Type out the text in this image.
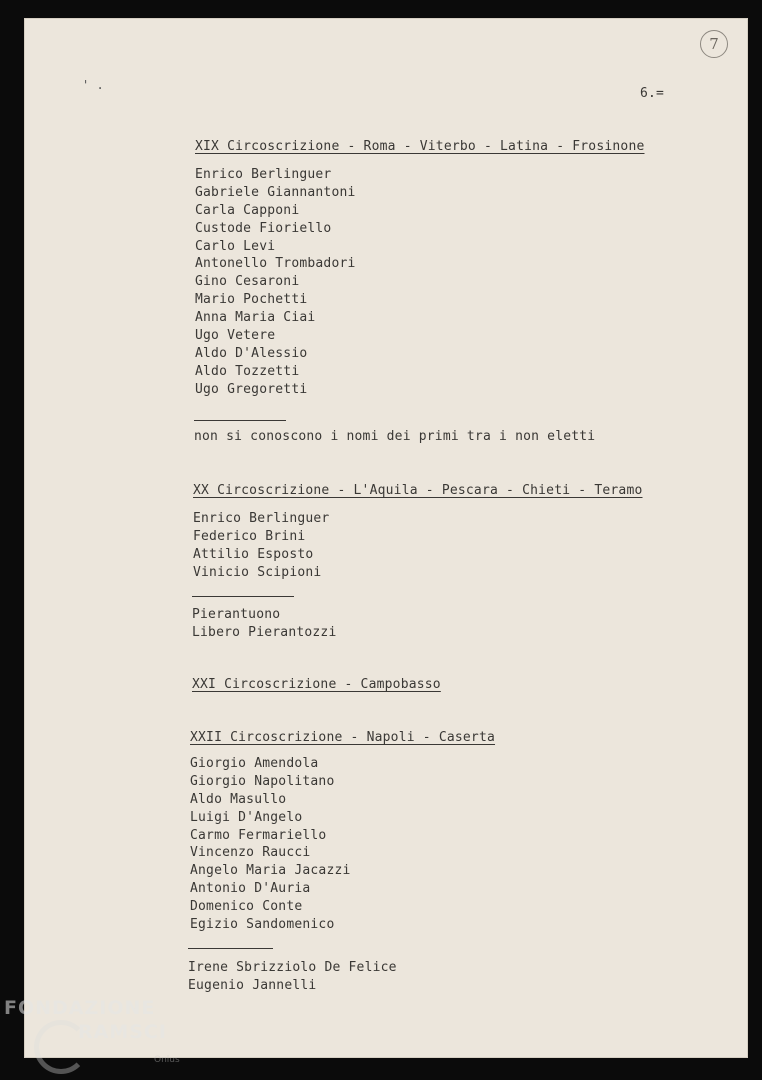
' .
7
6.=
XIX Circoscrizione - Roma - Viterbo - Latina - Frosinone
Enrico Berlinguer
Gabriele Giannantoni
Carla Capponi
Custode Fioriello
Carlo Levi
Antonello Trombadori
Gino Cesaroni
Mario Pochetti
Anna Maria Ciai
Ugo Vetere
Aldo D'Alessio
Aldo Tozzetti
Ugo Gregoretti
non si conoscono i nomi dei primi tra i non eletti
XX Circoscrizione - L'Aquila - Pescara - Chieti - Teramo
Enrico Berlinguer
Federico Brini
Attilio Esposto
Vinicio Scipioni
Pierantuono
Libero Pierantozzi
XXI Circoscrizione - Campobasso
XXII Circoscrizione - Napoli - Caserta
Giorgio Amendola
Giorgio Napolitano
Aldo Masullo
Luigi D'Angelo
Carmo Fermariello
Vincenzo Raucci
Angelo Maria Jacazzi
Antonio D'Auria
Domenico Conte
Egizio Sandomenico
Irene Sbrizziolo De Felice
Eugenio Jannelli
FONDAZIONE
RAMSCI
Onlus
